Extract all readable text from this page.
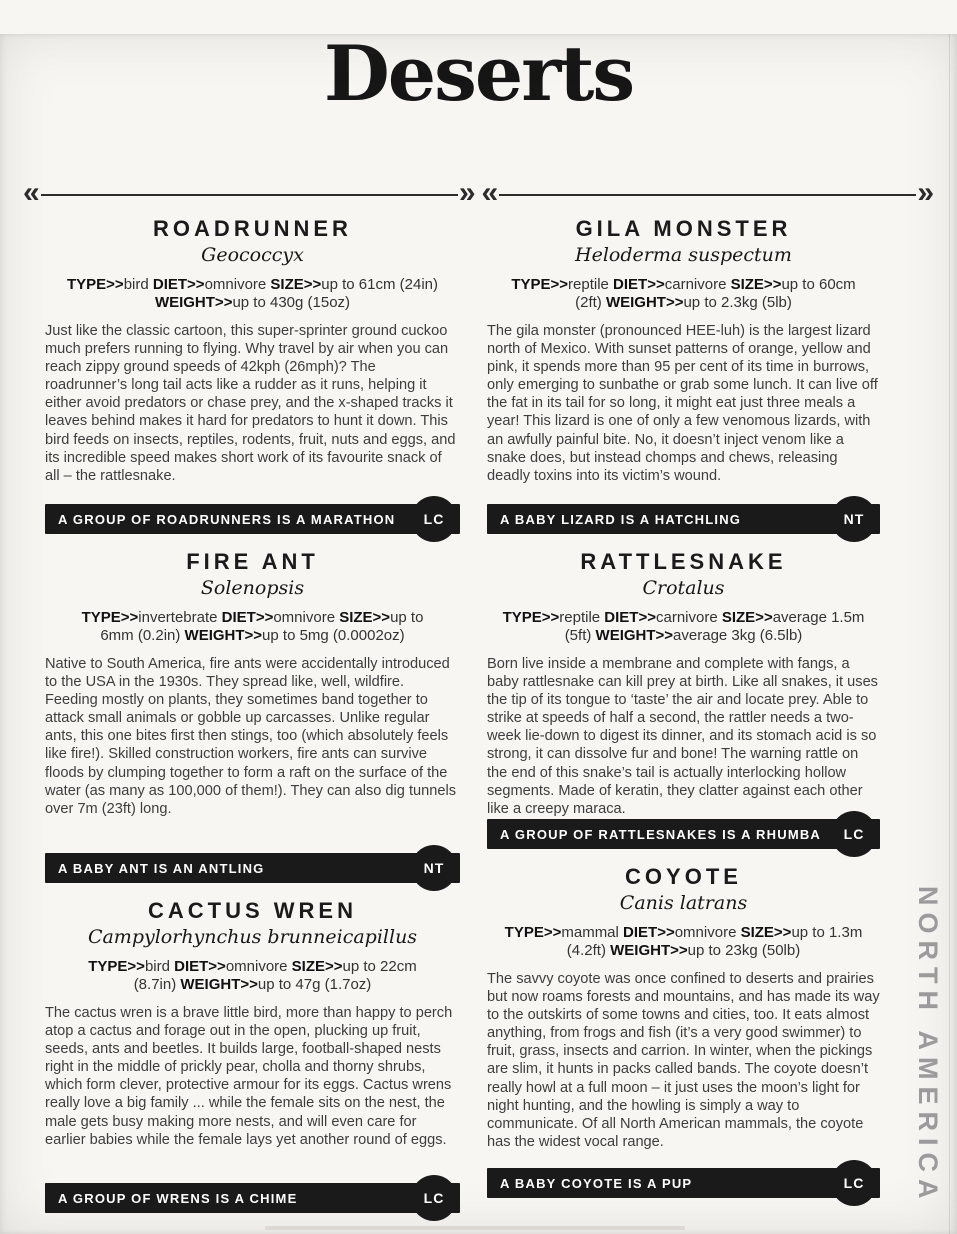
Deserts
«	» «	»
ROADRUNNER
Geococcyx

TYPE>>bird DIET>>omnivore SIZE>>up to 61cm (24in) WEIGHT>>up to 430g (15oz)

Just like the classic cartoon, this super-sprinter ground cuckoo much prefers running to flying. Why travel by air when you can reach zippy ground speeds of 42kph (26mph)? The roadrunner’s long tail acts like a rudder as it runs, helping it either avoid predators or chase prey, and the x-shaped tracks it leaves behind makes it hard for predators to hunt it down. This bird feeds on insects, reptiles, rodents, fruit, nuts and eggs, and its incredible speed makes short work of its favourite snack of all – the rattlesnake.

A GROUP OF ROADRUNNERS IS A MARATHON	LC
FIRE ANT
Solenopsis

TYPE>>invertebrate DIET>>omnivore SIZE>>up to 6mm (0.2in) WEIGHT>>up to 5mg (0.0002oz)

Native to South America, fire ants were accidentally introduced to the USA in the 1930s. They spread like, well, wildfire. Feeding mostly on plants, they sometimes band together to attack small animals or gobble up carcasses. Unlike regular ants, this one bites first then stings, too (which absolutely feels like fire!). Skilled construction workers, fire ants can survive floods by clumping together to form a raft on the surface of the water (as many as 100,000 of them!). They can also dig tunnels over 7m (23ft) long.

A BABY ANT IS AN ANTLING	NT
CACTUS WREN
Campylorhynchus brunneicapillus

TYPE>>bird DIET>>omnivore SIZE>>up to 22cm (8.7in) WEIGHT>>up to 47g (1.7oz)

The cactus wren is a brave little bird, more than happy to perch atop a cactus and forage out in the open, plucking up fruit, seeds, ants and beetles. It builds large, football-shaped nests right in the middle of prickly pear, cholla and thorny shrubs, which form clever, protective armour for its eggs. Cactus wrens really love a big family ... while the female sits on the nest, the male gets busy making more nests, and will even care for earlier babies while the female lays yet another round of eggs.

A GROUP OF WRENS IS A CHIME	LC
GILA MONSTER
Heloderma suspectum

TYPE>>reptile DIET>>carnivore SIZE>>up to 60cm (2ft) WEIGHT>>up to 2.3kg (5lb)

The gila monster (pronounced HEE-luh) is the largest lizard north of Mexico. With sunset patterns of orange, yellow and pink, it spends more than 95 per cent of its time in burrows, only emerging to sunbathe or grab some lunch. It can live off the fat in its tail for so long, it might eat just three meals a year! This lizard is one of only a few venomous lizards, with an awfully painful bite. No, it doesn’t inject venom like a snake does, but instead chomps and chews, releasing deadly toxins into its victim’s wound.

A BABY LIZARD IS A HATCHLING	NT
RATTLESNAKE
Crotalus

TYPE>>reptile DIET>>carnivore SIZE>>average 1.5m (5ft) WEIGHT>>average 3kg (6.5lb)

Born live inside a membrane and complete with fangs, a baby rattlesnake can kill prey at birth. Like all snakes, it uses the tip of its tongue to ‘taste’ the air and locate prey. Able to strike at speeds of half a second, the rattler needs a two-week lie-down to digest its dinner, and its stomach acid is so strong, it can dissolve fur and bone! The warning rattle on the end of this snake’s tail is actually interlocking hollow segments. Made of keratin, they clatter against each other like a creepy maraca.

A GROUP OF RATTLESNAKES IS A RHUMBA	LC
COYOTE
Canis latrans

TYPE>>mammal DIET>>omnivore SIZE>>up to 1.3m (4.2ft) WEIGHT>>up to 23kg (50lb)

The savvy coyote was once confined to deserts and prairies but now roams forests and mountains, and has made its way to the outskirts of some towns and cities, too. It eats almost anything, from frogs and fish (it’s a very good swimmer) to fruit, grass, insects and carrion. In winter, when the pickings are slim, it hunts in packs called bands. The coyote doesn’t really howl at a full moon – it just uses the moon’s light for night hunting, and the howling is simply a way to communicate. Of all North American mammals, the coyote has the widest vocal range.

A BABY COYOTE IS A PUP	LC	NORTH AMERICA
